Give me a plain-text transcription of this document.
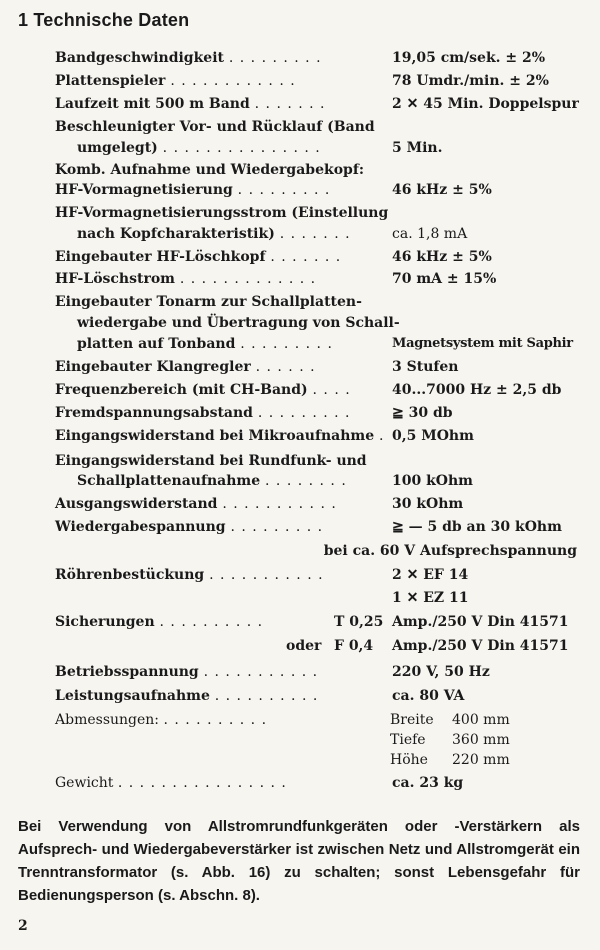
1 Technische Daten
Bandgeschwindigkeit . . . . . . . . .	19,05 cm/sek. ± 2%
Plattenspieler . . . . . . . . . . . .	78 Umdr./min. ± 2%
Laufzeit mit 500 m Band . . . . . . .	2 ✕ 45 Min. Doppelspur
Beschleunigter Vor- und Rücklauf (Band
umgelegt) . . . . . . . . . . . . . . .	5 Min.
Komb. Aufnahme und Wiedergabekopf:
HF-Vormagnetisierung . . . . . . . . .	46 kHz ± 5%
HF-Vormagnetisierungsstrom (Einstellung
nach Kopfcharakteristik) . . . . . . .	ca. 1,8 mA
Eingebauter HF-Löschkopf . . . . . . .	46 kHz ± 5%
HF-Löschstrom . . . . . . . . . . . . .	70 mA ± 15%
Eingebauter Tonarm zur Schallplatten-
wiedergabe und Übertragung von Schall-
platten auf Tonband . . . . . . . . .	Magnetsystem mit Saphir
Eingebauter Klangregler . . . . . .	3 Stufen
Frequenzbereich (mit CH-Band) . . . .	40...7000 Hz ± 2,5 db
Fremdspannungsabstand . . . . . . . . .	≧ 30 db
Eingangswiderstand bei Mikroaufnahme . 0,5 MOhm
Eingangswiderstand bei Rundfunk- und
Schallplattenaufnahme . . . . . . . .	100 kOhm
Ausgangswiderstand . . . . . . . . . . .	30 kOhm
Wiedergabespannung . . . . . . . . .	≧ — 5 db an 30 kOhm
bei ca. 60 V Aufsprechspannung
Röhrenbestückung . . . . . . . . . . .	2 ✕ EF 14
1 ✕ EZ 11
Sicherungen . . . . . . . . . .	T 0,25 Amp./250 V Din 41571
oder F 0,4 Amp./250 V Din 41571
Betriebsspannung . . . . . . . . . . .	220 V, 50 Hz
Leistungsaufnahme . . . . . . . . . .	ca. 80 VA
Abmessungen: . . . . . . . . . .	Breite	400 mm
Tiefe	360 mm
Höhe	220 mm
Gewicht . . . . . . . . . . . . . . . .	ca. 23 kg
Bei Verwendung von Allstromrundfunkgeräten oder -Verstärkern als Aufsprech- und Wiedergabeverstärker ist zwischen Netz und Allstromgerät ein Trenntransformator (s. Abb. 16) zu schalten; sonst Lebensgefahr für Bedienungsperson (s. Abschn. 8).
2
